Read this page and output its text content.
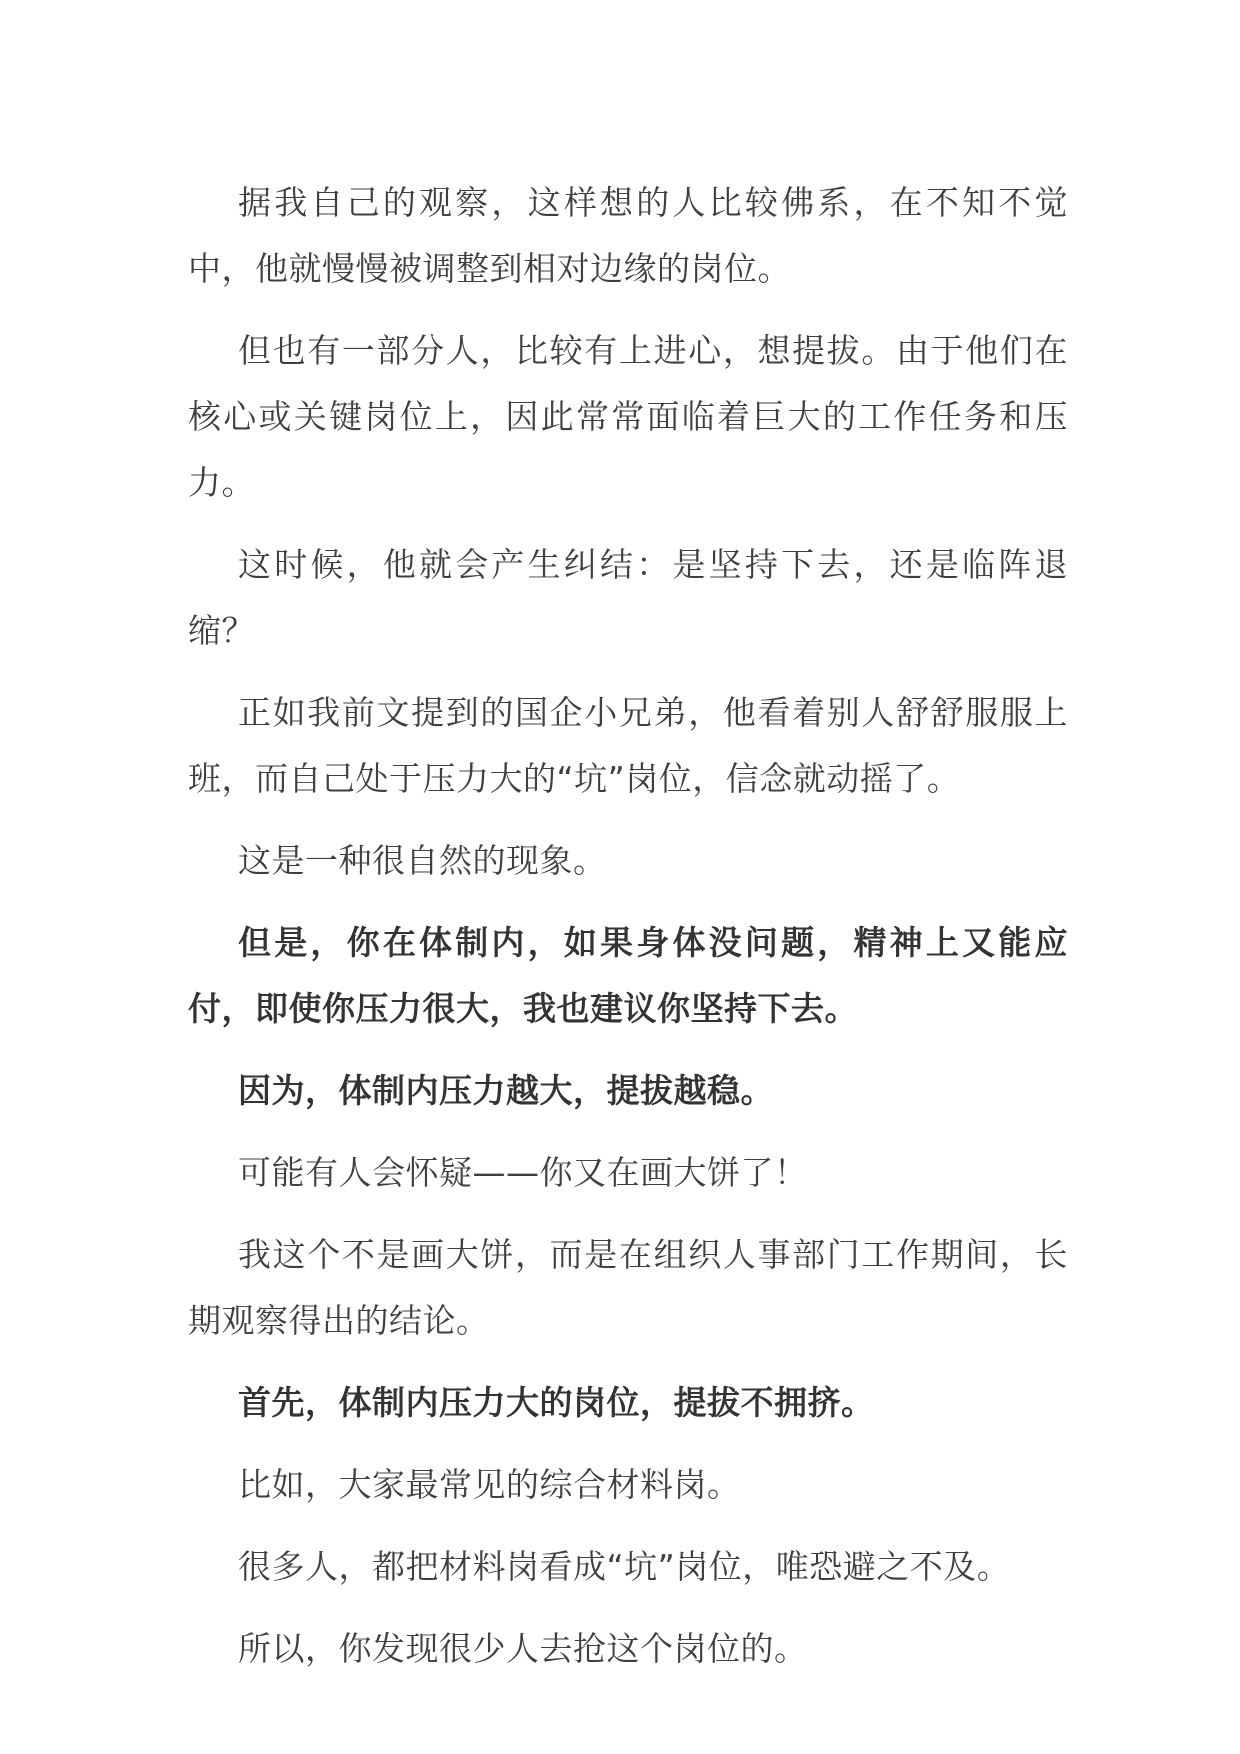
据我自己的观察，这样想的人比较佛系，在不知不觉中，他就慢慢被调整到相对边缘的岗位。

但也有一部分人，比较有上进心，想提拔。由于他们在核心或关键岗位上，因此常常面临着巨大的工作任务和压力。

这时候，他就会产生纠结：是坚持下去，还是临阵退缩？

正如我前文提到的国企小兄弟，他看着别人舒舒服服上班，而自己处于压力大的“坑”岗位，信念就动摇了。

这是一种很自然的现象。

但是，你在体制内，如果身体没问题，精神上又能应付，即使你压力很大，我也建议你坚持下去。

因为，体制内压力越大，提拔越稳。

可能有人会怀疑——你又在画大饼了！

我这个不是画大饼，而是在组织人事部门工作期间，长期观察得出的结论。

首先，体制内压力大的岗位，提拔不拥挤。

比如，大家最常见的综合材料岗。

很多人，都把材料岗看成“坑”岗位，唯恐避之不及。

所以，你发现很少人去抢这个岗位的。
